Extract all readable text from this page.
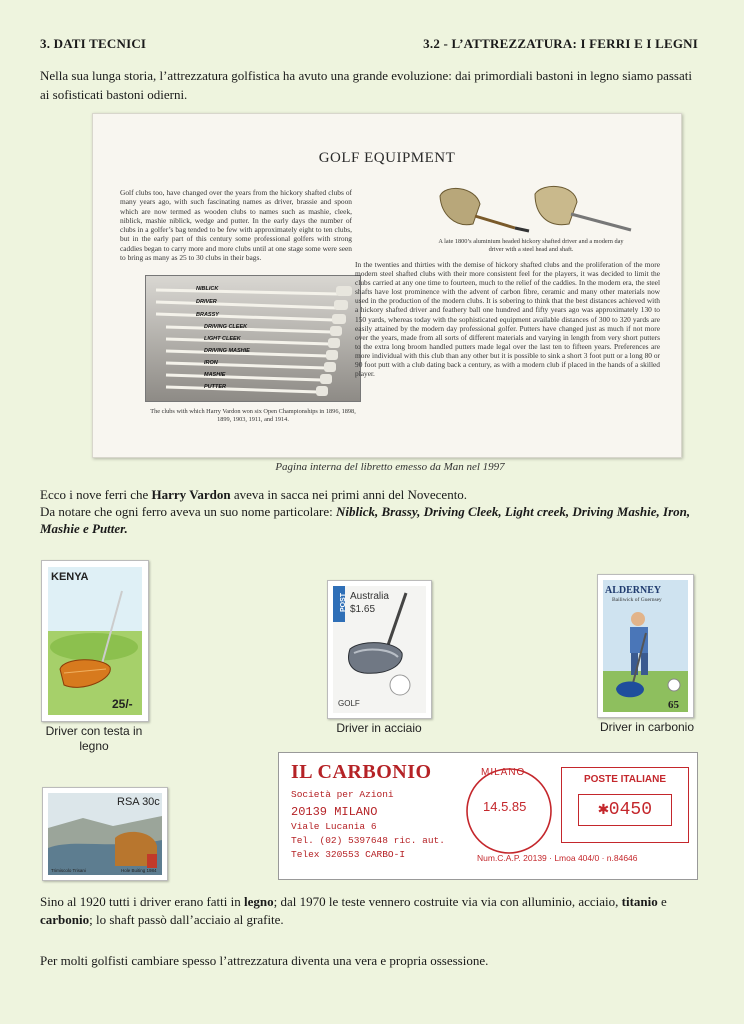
3. DATI TECNICI	3.2 - L’ATTREZZATURA: I FERRI E I LEGNI
Nella sua lunga storia, l’attrezzatura golfistica ha avuto una grande evoluzione: dai primordiali bastoni in legno siamo passati ai sofisticati bastoni odierni.
GOLF EQUIPMENT
Golf clubs too, have changed over the years from the hickory shafted clubs of many years ago, with such fascinating names as driver, brassie and spoon which are now termed as wooden clubs to names such as mashie, cleek, niblick, mashie niblick, wedge and putter. In the early days the number of clubs in a golfer’s bag tended to be few with approximately eight to ten clubs, but in the early part of this century some professional golfers with strong caddies began to carry more and more clubs until at one stage some were seen to bring as many as 25 to 30 clubs in their bags.
A late 1800’s aluminium headed hickory shafted driver and a modern day driver with a steel head and shaft.
NIBLICK
DRIVER
BRASSY
DRIVING CLEEK
LIGHT CLEEK
DRIVING MASHIE
IRON
MASHIE
PUTTER
The clubs with which Harry Vardon won six Open Championships in 1896, 1898, 1899, 1903, 1911, and 1914.
In the twenties and thirties with the demise of hickory shafted clubs and the proliferation of the more modern steel shafted clubs with their more consistent feel for the players, it was decided to limit the clubs carried at any one time to fourteen, much to the relief of the caddies. In the modern era, the steel shafts have lost prominence with the advent of carbon fibre, ceramic and many other materials now used in the production of the modern clubs. It is sobering to think that the best distances achieved with a hickory shafted driver and feathery ball one hundred and fifty years ago was approximately 130 to 150 yards, whereas today with the sophisticated equipment available distances of 300 to 320 yards are easily attained by the modern day professional golfer. Putters have changed just as much if not more over the years, made from all sorts of different materials and varying in length from very short putters to the extra long broom handled putters made legal over the last ten to fifteen years. Preferences are more individual with this club than any other but it is possible to sink a short 3 foot putt or a long 80 or 90 foot putt with a club dating back a century, as with a modern club if placed in the hands of a skilled player.
Pagina interna del libretto emesso da Man nel 1997
Ecco i nove ferri che Harry Vardon aveva in sacca nei primi anni del Novecento.
Da notare che ogni ferro aveva un suo nome particolare: Niblick, Brassy, Driving Cleek, Light creek, Driving Mashie, Iron, Mashie e Putter.
KENYA
25/-
Driver con testa in legno
POST Australia
$1.65
GOLF
Driver in acciaio
ALDERNEY
Bailiwick of Guernsey
65
Driver in carbonio
RSA 30c
Trimiscolo Trisani	Hole Buiting 1984
IL CARBONIO
Società per Azioni
20139 MILANO
Viale Lucania 6
Tel. (02) 5397648 ric. aut.
Telex 320553 CARBO-I
MILANO
14.5.85
POSTE ITALIANE
✱0450
Num.C.A.P. 20139 · Lmoa 404/0 · n.84646
Sino al 1920 tutti i driver erano fatti in legno; dal 1970 le teste vennero costruite via via con alluminio, acciaio, titanio e carbonio; lo shaft passò dall’acciaio al grafite.
Per molti golfisti cambiare spesso l’attrezzatura diventa una vera e propria ossessione.
